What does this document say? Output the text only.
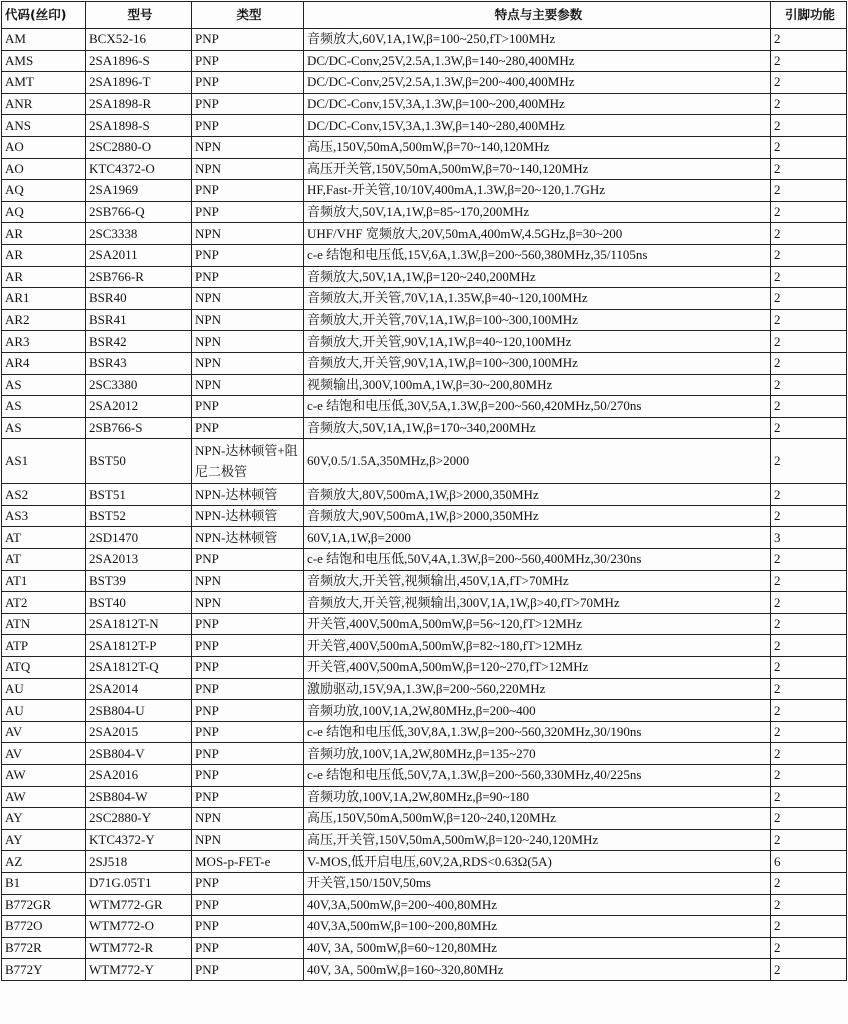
代码(丝印)	型号	类型	特点与主要参数	引脚功能
AM	BCX52-16	PNP	音频放大,60V,1A,1W,β=100~250,fT>100MHz	2
AMS	2SA1896-S	PNP	DC/DC-Conv,25V,2.5A,1.3W,β=140~280,400MHz	2
AMT	2SA1896-T	PNP	DC/DC-Conv,25V,2.5A,1.3W,β=200~400,400MHz	2
ANR	2SA1898-R	PNP	DC/DC-Conv,15V,3A,1.3W,β=100~200,400MHz	2
ANS	2SA1898-S	PNP	DC/DC-Conv,15V,3A,1.3W,β=140~280,400MHz	2
AO	2SC2880-O	NPN	高压,150V,50mA,500mW,β=70~140,120MHz	2
AO	KTC4372-O	NPN	高压开关管,150V,50mA,500mW,β=70~140,120MHz	2
AQ	2SA1969	PNP	HF,Fast-开关管,10/10V,400mA,1.3W,β=20~120,1.7GHz	2
AQ	2SB766-Q	PNP	音频放大,50V,1A,1W,β=85~170,200MHz	2
AR	2SC3338	NPN	UHF/VHF 宽频放大,20V,50mA,400mW,4.5GHz,β=30~200	2
AR	2SA2011	PNP	c-e 结饱和电压低,15V,6A,1.3W,β=200~560,380MHz,35/1105ns	2
AR	2SB766-R	PNP	音频放大,50V,1A,1W,β=120~240,200MHz	2
AR1	BSR40	NPN	音频放大,开关管,70V,1A,1.35W,β=40~120,100MHz	2
AR2	BSR41	NPN	音频放大,开关管,70V,1A,1W,β=100~300,100MHz	2
AR3	BSR42	NPN	音频放大,开关管,90V,1A,1W,β=40~120,100MHz	2
AR4	BSR43	NPN	音频放大,开关管,90V,1A,1W,β=100~300,100MHz	2
AS	2SC3380	NPN	视频输出,300V,100mA,1W,β=30~200,80MHz	2
AS	2SA2012	PNP	c-e 结饱和电压低,30V,5A,1.3W,β=200~560,420MHz,50/270ns	2
AS	2SB766-S	PNP	音频放大,50V,1A,1W,β=170~340,200MHz	2
AS1	BST50	NPN-达林顿管+阻尼二极管	60V,0.5/1.5A,350MHz,β>2000	2
AS2	BST51	NPN-达林顿管	音频放大,80V,500mA,1W,β>2000,350MHz	2
AS3	BST52	NPN-达林顿管	音频放大,90V,500mA,1W,β>2000,350MHz	2
AT	2SD1470	NPN-达林顿管	60V,1A,1W,β=2000	3
AT	2SA2013	PNP	c-e 结饱和电压低,50V,4A,1.3W,β=200~560,400MHz,30/230ns	2
AT1	BST39	NPN	音频放大,开关管,视频输出,450V,1A,fT>70MHz	2
AT2	BST40	NPN	音频放大,开关管,视频输出,300V,1A,1W,β>40,fT>70MHz	2
ATN	2SA1812T-N	PNP	开关管,400V,500mA,500mW,β=56~120,fT>12MHz	2
ATP	2SA1812T-P	PNP	开关管,400V,500mA,500mW,β=82~180,fT>12MHz	2
ATQ	2SA1812T-Q	PNP	开关管,400V,500mA,500mW,β=120~270,fT>12MHz	2
AU	2SA2014	PNP	激励驱动,15V,9A,1.3W,β=200~560,220MHz	2
AU	2SB804-U	PNP	音频功放,100V,1A,2W,80MHz,β=200~400	2
AV	2SA2015	PNP	c-e 结饱和电压低,30V,8A,1.3W,β=200~560,320MHz,30/190ns	2
AV	2SB804-V	PNP	音频功放,100V,1A,2W,80MHz,β=135~270	2
AW	2SA2016	PNP	c-e 结饱和电压低,50V,7A,1.3W,β=200~560,330MHz,40/225ns	2
AW	2SB804-W	PNP	音频功放,100V,1A,2W,80MHz,β=90~180	2
AY	2SC2880-Y	NPN	高压,150V,50mA,500mW,β=120~240,120MHz	2
AY	KTC4372-Y	NPN	高压,开关管,150V,50mA,500mW,β=120~240,120MHz	2
AZ	2SJ518	MOS-p-FET-e	V-MOS,低开启电压,60V,2A,RDS<0.63Ω(5A)	6
B1	D71G.05T1	PNP	开关管,150/150V,50ms	2
B772GR	WTM772-GR	PNP	40V,3A,500mW,β=200~400,80MHz	2
B772O	WTM772-O	PNP	40V,3A,500mW,β=100~200,80MHz	2
B772R	WTM772-R	PNP	40V, 3A, 500mW,β=60~120,80MHz	2
B772Y	WTM772-Y	PNP	40V, 3A, 500mW,β=160~320,80MHz	2
